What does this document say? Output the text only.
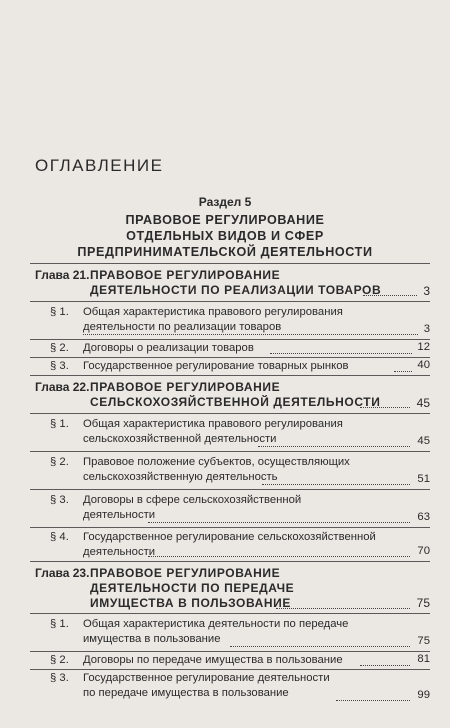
ОГЛАВЛЕНИЕ
Раздел 5
ПРАВОВОЕ РЕГУЛИРОВАНИЕ
ОТДЕЛЬНЫХ ВИДОВ И СФЕР
ПРЕДПРИНИМАТЕЛЬСКОЙ ДЕЯТЕЛЬНОСТИ
Глава 21. ПРАВОВОЕ РЕГУЛИРОВАНИЕ
ДЕЯТЕЛЬНОСТИ ПО РЕАЛИЗАЦИИ ТОВАРОВ	3
§ 1. Общая характеристика правового регулирования
деятельности по реализации товаров	3
§ 2. Договоры о реализации товаров	12
§ 3. Государственное регулирование товарных рынков	40
Глава 22. ПРАВОВОЕ РЕГУЛИРОВАНИЕ
СЕЛЬСКОХОЗЯЙСТВЕННОЙ ДЕЯТЕЛЬНОСТИ	45
§ 1. Общая характеристика правового регулирования
сельскохозяйственной деятельности	45
§ 2. Правовое положение субъектов, осуществляющих
сельскохозяйственную деятельность	51
§ 3. Договоры в сфере сельскохозяйственной
деятельности	63
§ 4. Государственное регулирование сельскохозяйственной
деятельности	70
Глава 23. ПРАВОВОЕ РЕГУЛИРОВАНИЕ
ДЕЯТЕЛЬНОСТИ ПО ПЕРЕДАЧЕ
ИМУЩЕСТВА В ПОЛЬЗОВАНИЕ	75
§ 1. Общая характеристика деятельности по передаче
имущества в пользование	75
§ 2. Договоры по передаче имущества в пользование	81
§ 3. Государственное регулирование деятельности
по передаче имущества в пользование	99
